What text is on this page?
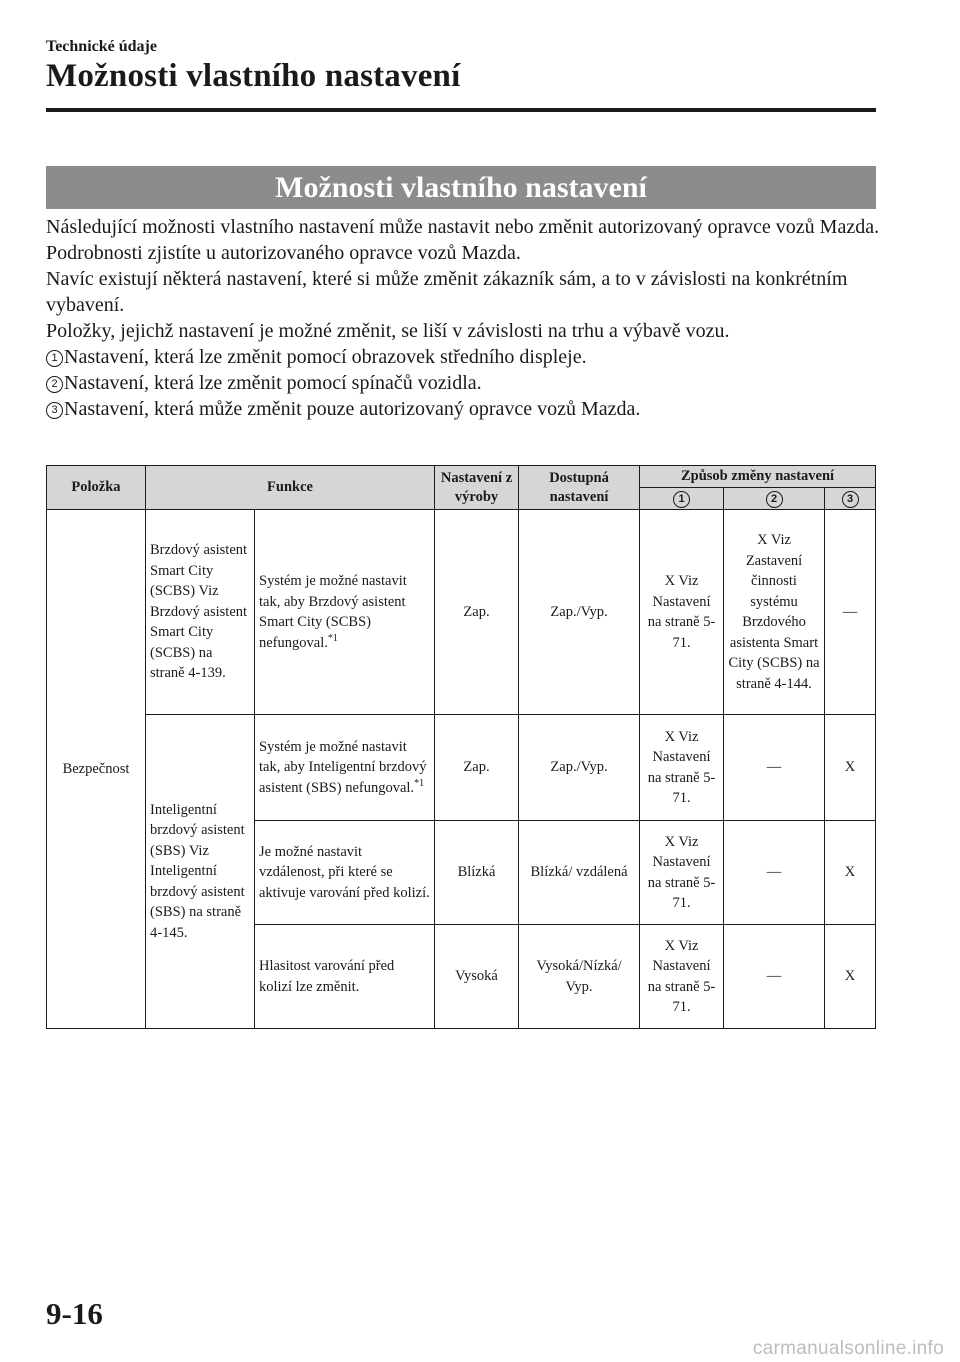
Technické údaje
Možnosti vlastního nastavení
Možnosti vlastního nastavení

Následující možnosti vlastního nastavení může nastavit nebo změnit autorizovaný opravce vozů Mazda. Podrobnosti zjistíte u autorizovaného opravce vozů Mazda.

Navíc existují některá nastavení, které si může změnit zákazník sám, a to v závislosti na konkrétním vybavení.

Položky, jejichž nastavení je možné změnit, se liší v závislosti na trhu a výbavě vozu.

1 Nastavení, která lze změnit pomocí obrazovek středního displeje.

2 Nastavení, která lze změnit pomocí spínačů vozidla.

3 Nastavení, která může změnit pouze autorizovaný opravce vozů Mazda.

Položka	Funkce		Nastavení z výroby	Dostupná nastavení	Způsob změny nastavení		
					1	2	3
Bezpečnost	Brzdový asistent Smart City (SCBS) Viz Brzdový asistent Smart City (SCBS) na straně 4-139.	Systém je možné nastavit tak, aby Brzdový asistent Smart City (SCBS) nefungoval.$^{*1}$	Zap.	Zap./Vyp.	X Viz Nastavení na straně 5-71.	X Viz Zastavení činnosti systému Brzdového asistenta Smart City (SCBS) na straně 4-144.	—
	Inteligentní brzdový asistent (SBS) Viz Inteligentní brzdový asistent (SBS) na straně 4-145.	Systém je možné nastavit tak, aby Inteligentní brzdový asistent (SBS) nefungoval.$^{*1}$	Zap.	Zap./Vyp.	X Viz Nastavení na straně 5-71.	—	X
		Je možné nastavit vzdálenost, při které se aktivuje varování před kolizí.	Blízká	Blízká/ vzdálená	X Viz Nastavení na straně 5-71.	—	X
		Hlasitost varování před kolizí lze změnit.	Vysoká	Vysoká/Nízká/ Vyp.	X Viz Nastavení na straně 5-71.	—	X
9-16
carmanualsonline.info
